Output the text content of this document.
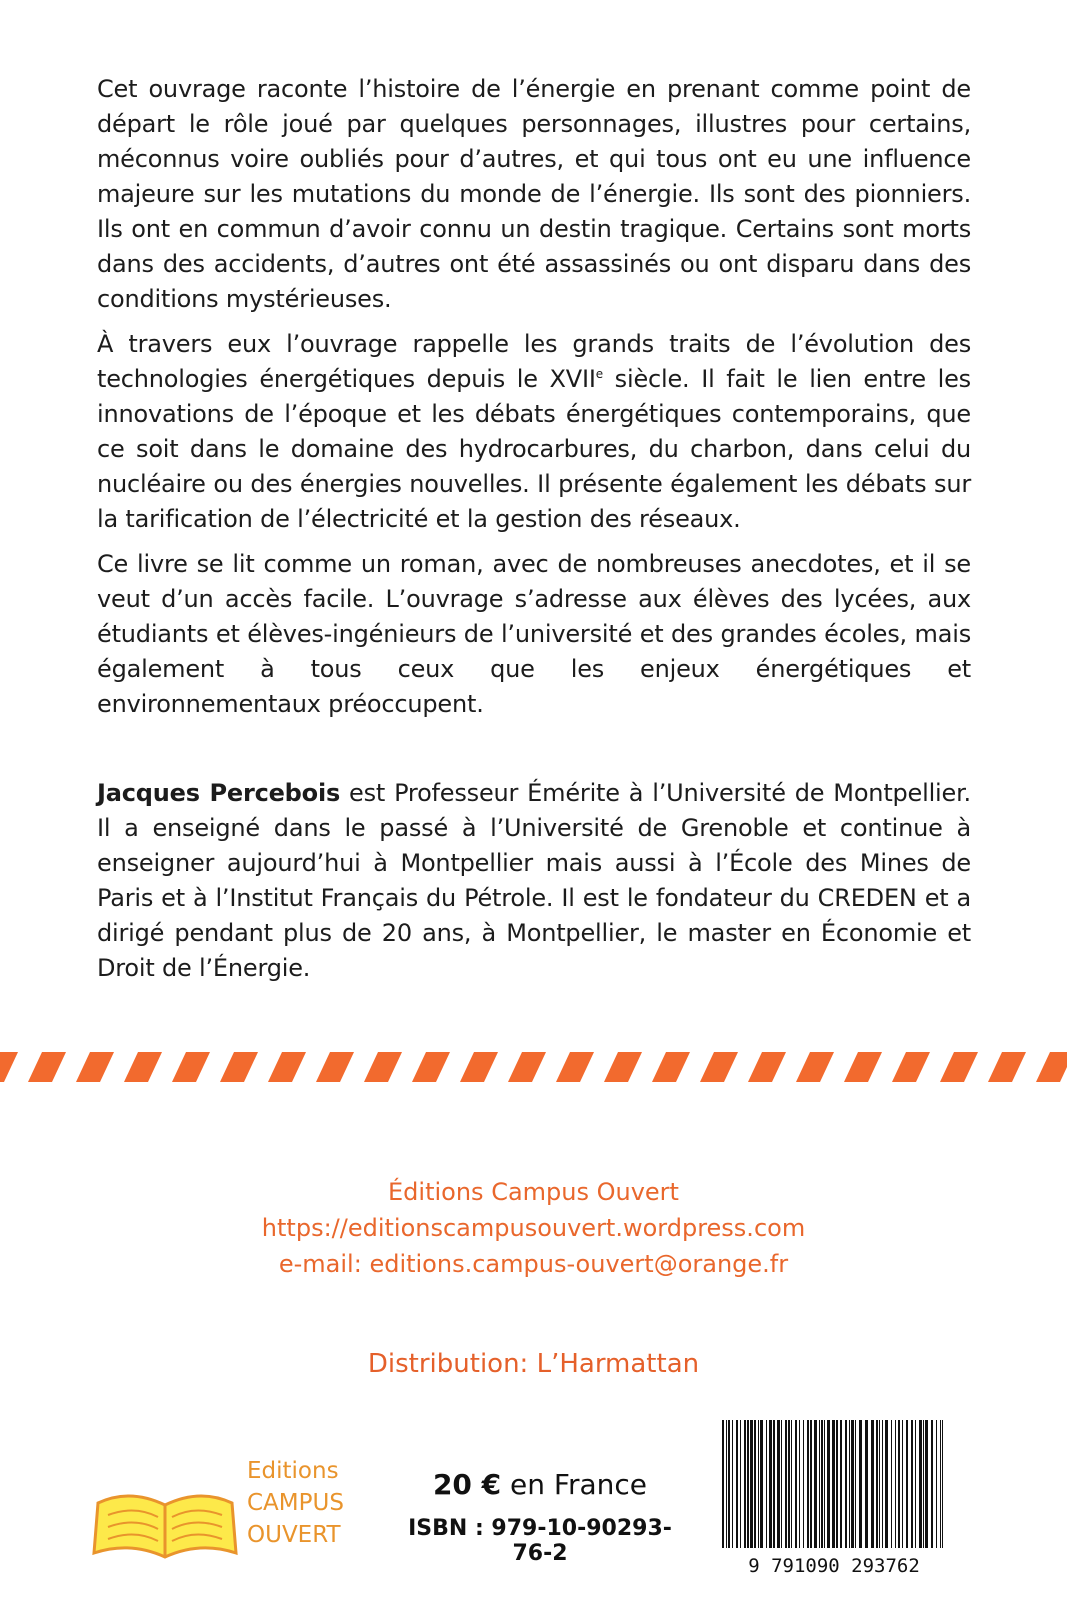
Cet ouvrage raconte l’histoire de l’énergie en prenant comme point de départ le rôle joué par quelques personnages, illustres pour certains, méconnus voire oubliés pour d’autres, et qui tous ont eu une influence majeure sur les mutations du monde de l’énergie. Ils sont des pionniers. Ils ont en commun d’avoir connu un destin tragique. Certains sont morts dans des accidents, d’autres ont été assassinés ou ont disparu dans des conditions mystérieuses.

À travers eux l’ouvrage rappelle les grands traits de l’évolution des technologies énergétiques depuis le XVIIe siècle. Il fait le lien entre les innovations de l’époque et les débats énergétiques contemporains, que ce soit dans le domaine des hydrocarbures, du charbon, dans celui du nucléaire ou des énergies nouvelles. Il présente également les débats sur la tarification de l’électricité et la gestion des réseaux.

Ce livre se lit comme un roman, avec de nombreuses anecdotes, et il se veut d’un accès facile. L’ouvrage s’adresse aux élèves des lycées, aux étudiants et élèves-ingénieurs de l’université et des grandes écoles, mais également à tous ceux que les enjeux énergétiques et environnementaux préoccupent.

Jacques Percebois est Professeur Émérite à l’Université de Montpellier. Il a enseigné dans le passé à l’Université de Grenoble et continue à enseigner aujourd’hui à Montpellier mais aussi à l’École des Mines de Paris et à l’Institut Français du Pétrole. Il est le fondateur du CREDEN et a dirigé pendant plus de 20 ans, à Montpellier, le master en Économie et Droit de l’Énergie.

Éditions Campus Ouvert
https://editionscampusouvert.wordpress.com
e-mail: editions.campus-ouvert@orange.fr
Distribution: L’Harmattan
Editions
CAMPUS
OUVERT
20 € en France
ISBN : 979-10-90293-76-2	9 791090 293762
